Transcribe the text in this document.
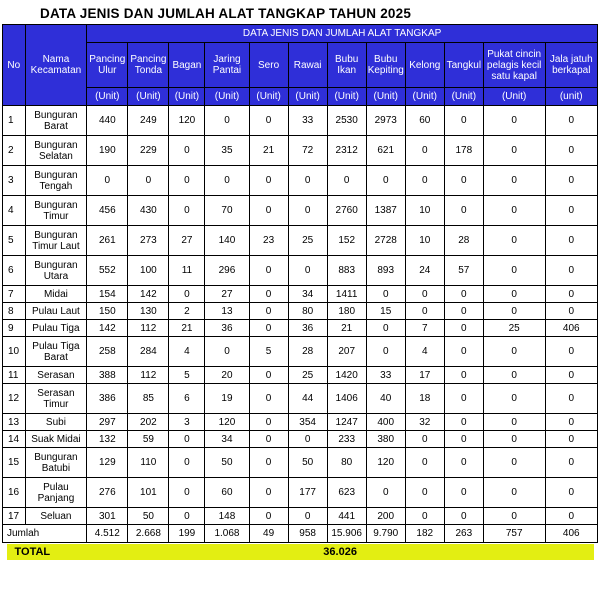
DATA JENIS DAN JUMLAH ALAT TANGKAP TAHUN 2025
No	Nama Kecamatan	DATA JENIS DAN JUMLAH ALAT TANGKAP											
		Pancing Ulur	Pancing Tonda	Bagan	Jaring Pantai	Sero	Rawai	Bubu Ikan	Bubu Kepiting	Kelong	Tangkul	Pukat cincin pelagis kecil satu kapal	Jala jatuh berkapal
		(Unit)	(Unit)	(Unit)	(Unit)	(Unit)	(Unit)	(Unit)	(Unit)	(Unit)	(Unit)	(Unit)	(unit)
1	Bunguran Barat	440	249	120	0	0	33	2530	2973	60	0	0	0
2	Bunguran Selatan	190	229	0	35	21	72	2312	621	0	178	0	0
3	Bunguran Tengah	0	0	0	0	0	0	0	0	0	0	0	0
4	Bunguran Timur	456	430	0	70	0	0	2760	1387	10	0	0	0
5	Bunguran Timur Laut	261	273	27	140	23	25	152	2728	10	28	0	0
6	Bunguran Utara	552	100	11	296	0	0	883	893	24	57	0	0
7	Midai	154	142	0	27	0	34	1411	0	0	0	0	0
8	Pulau Laut	150	130	2	13	0	80	180	15	0	0	0	0
9	Pulau Tiga	142	112	21	36	0	36	21	0	7	0	25	406
10	Pulau Tiga Barat	258	284	4	0	5	28	207	0	4	0	0	0
11	Serasan	388	112	5	20	0	25	1420	33	17	0	0	0
12	Serasan Timur	386	85	6	19	0	44	1406	40	18	0	0	0
13	Subi	297	202	3	120	0	354	1247	400	32	0	0	0
14	Suak Midai	132	59	0	34	0	0	233	380	0	0	0	0
15	Bunguran Batubi	129	110	0	50	0	50	80	120	0	0	0	0
16	Pulau Panjang	276	101	0	60	0	177	623	0	0	0	0	0
17	Seluan	301	50	0	148	0	0	441	200	0	0	0	0
Jumlah		4.512	2.668	199	1.068	49	958	15.906	9.790	182	263	757	406

TOTAL		36.026											
